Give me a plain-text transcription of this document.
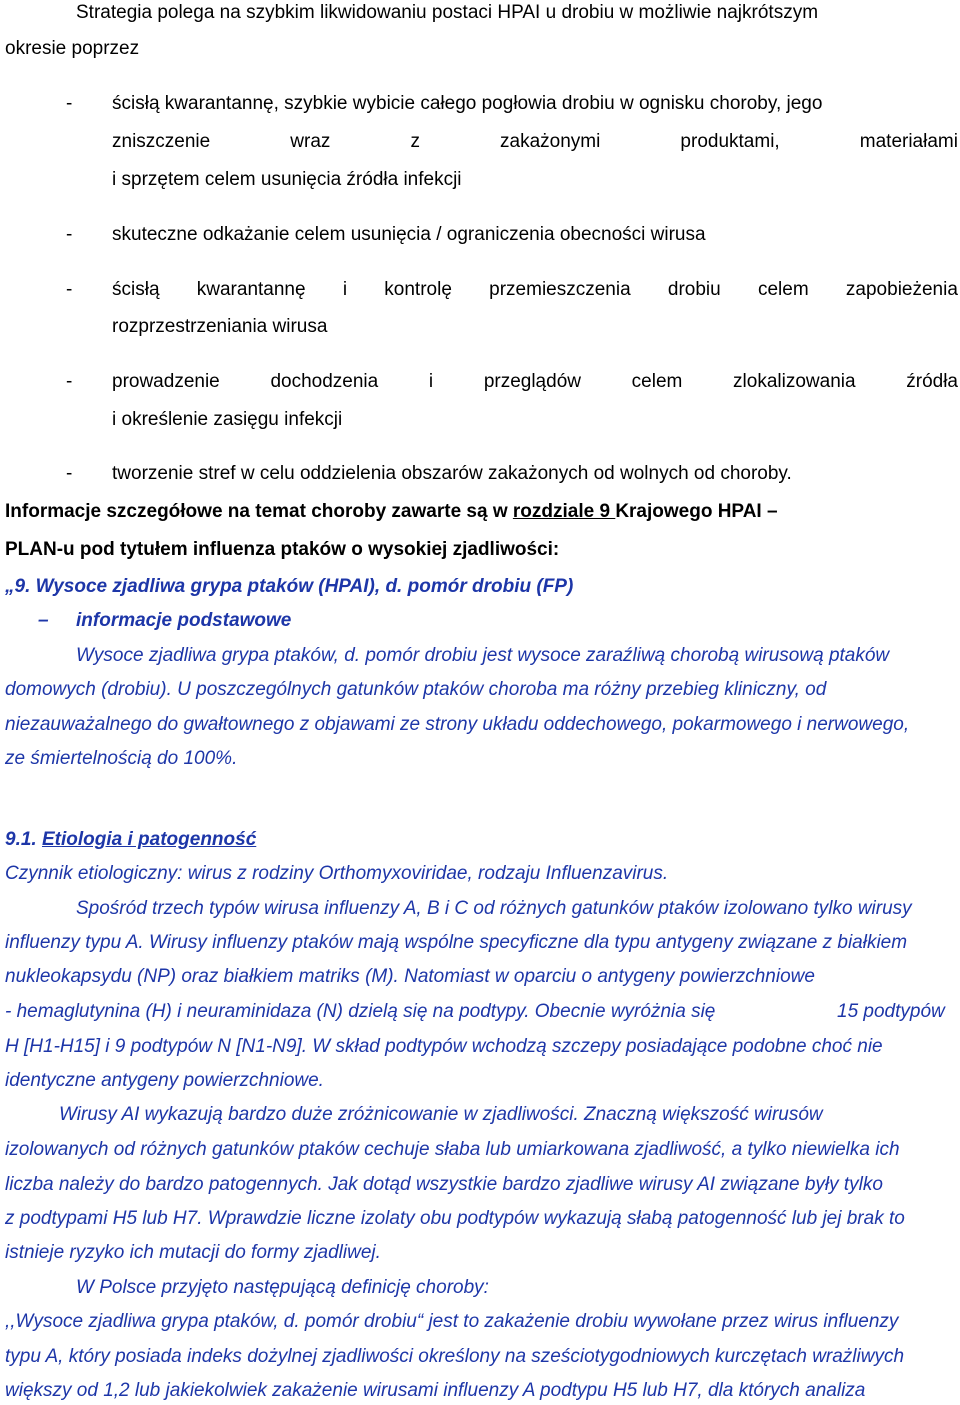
Strategia polega na szybkim likwidowaniu postaci HPAI u drobiu w możliwie najkrótszym
okresie poprzez
- ścisłą kwarantannę, szybkie wybicie całego pogłowia drobiu w ognisku choroby, jego
zniszczenie	wraz	z	zakażonymi	produktami,	materiałami
i sprzętem celem usunięcia źródła infekcji
- skuteczne odkażanie celem usunięcia / ograniczenia obecności wirusa
- ścisłą kwarantannę i kontrolę przemieszczenia drobiu celem zapobieżenia
rozprzestrzeniania wirusa
- prowadzenie	dochodzenia	i	przeglądów	celem	zlokalizowania	źródła
i określenie zasięgu infekcji
- tworzenie stref w celu oddzielenia obszarów zakażonych od wolnych od choroby.
Informacje szczegółowe na temat choroby zawarte są w rozdziale 9 Krajowego HPAI –
PLAN-u pod tytułem influenza ptaków o wysokiej zjadliwości:
„9. Wysoce zjadliwa grypa ptaków (HPAI), d. pomór drobiu (FP)
– informacje podstawowe
Wysoce zjadliwa grypa ptaków, d. pomór drobiu jest wysoce zaraźliwą chorobą wirusową ptaków
domowych (drobiu). U poszczególnych gatunków ptaków choroba ma różny przebieg kliniczny, od
niezauważalnego do gwałtownego z objawami ze strony układu oddechowego, pokarmowego i nerwowego,
ze śmiertelnością do 100%.
9.1. Etiologia i patogenność
Czynnik etiologiczny: wirus z rodziny Orthomyxoviridae, rodzaju Influenzavirus.
Spośród trzech typów wirusa influenzy A, B i C od różnych gatunków ptaków izolowano tylko wirusy
influenzy typu A. Wirusy influenzy ptaków mają wspólne specyficzne dla typu antygeny związane z białkiem
nukleokapsydu (NP) oraz białkiem matriks (M). Natomiast w oparciu o antygeny powierzchniowe
- hemaglutynina (H) i neuraminidaza (N) dzielą się na podtypy. Obecnie wyróżnia się	15 podtypów
H [H1-H15] i 9 podtypów N [N1-N9]. W skład podtypów wchodzą szczepy posiadające podobne choć nie
identyczne antygeny powierzchniowe.
Wirusy AI wykazują bardzo duże zróżnicowanie w zjadliwości. Znaczną większość wirusów
izolowanych od różnych gatunków ptaków cechuje słaba lub umiarkowana zjadliwość, a tylko niewielka ich
liczba należy do bardzo patogennych. Jak dotąd wszystkie bardzo zjadliwe wirusy AI związane były tylko
z podtypami H5 lub H7. Wprawdzie liczne izolaty obu podtypów wykazują słabą patogenność lub jej brak to
istnieje ryzyko ich mutacji do formy zjadliwej.
W Polsce przyjęto następującą definicję choroby:
,,Wysoce zjadliwa grypa ptaków, d. pomór drobiu“ jest to zakażenie drobiu wywołane przez wirus influenzy
typu A, który posiada indeks dożylnej zjadliwości określony na sześciotygodniowych kurczętach wrażliwych
większy od 1,2 lub jakiekolwiek zakażenie wirusami influenzy A podtypu H5 lub H7, dla których analiza
